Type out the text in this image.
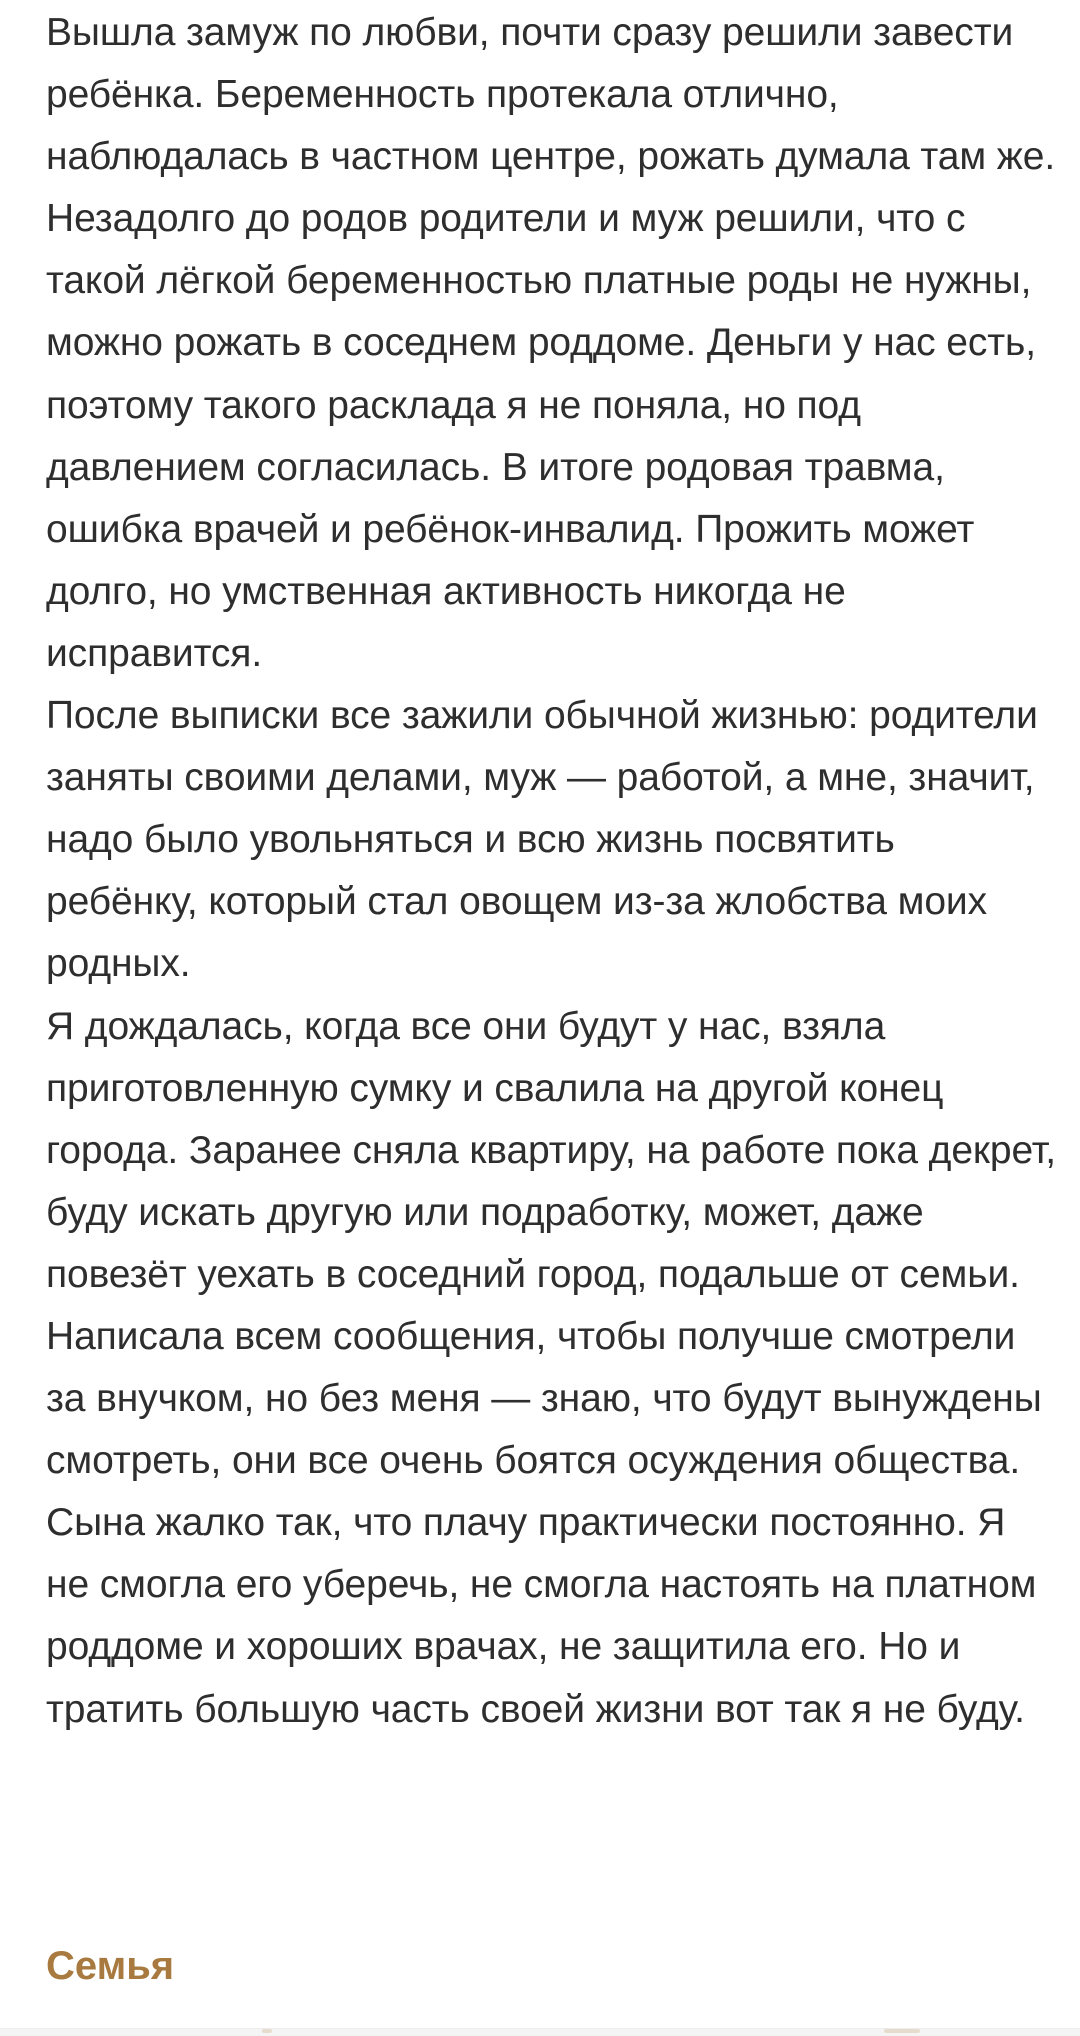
Вышла замуж по любви, почти сразу решили завести ребёнка. Беременность протекала отлично, наблюдалась в частном центре, рожать думала там же. Незадолго до родов родители и муж решили, что с такой лёгкой беременностью платные роды не нужны, можно рожать в соседнем роддоме. Деньги у нас есть, поэтому такого расклада я не поняла, но под давлением согласилась. В итоге родовая травма, ошибка врачей и ребёнок-инвалид. Прожить может долго, но умственная активность никогда не исправится.

После выписки все зажили обычной жизнью: родители заняты своими делами, муж — работой, а мне, значит, надо было увольняться и всю жизнь посвятить ребёнку, который стал овощем из-за жлобства моих родных.

Я дождалась, когда все они будут у нас, взяла приготовленную сумку и свалила на другой конец города. Заранее сняла квартиру, на работе пока декрет, буду искать другую или подработку, может, даже повезёт уехать в соседний город, подальше от семьи. Написала всем сообщения, чтобы получше смотрели за внучком, но без меня — знаю, что будут вынуждены смотреть, они все очень боятся осуждения общества. Сына жалко так, что плачу практически постоянно. Я не смогла его уберечь, не смогла настоять на платном роддоме и хороших врачах, не защитила его. Но и тратить большую часть своей жизни вот так я не буду.

Семья
